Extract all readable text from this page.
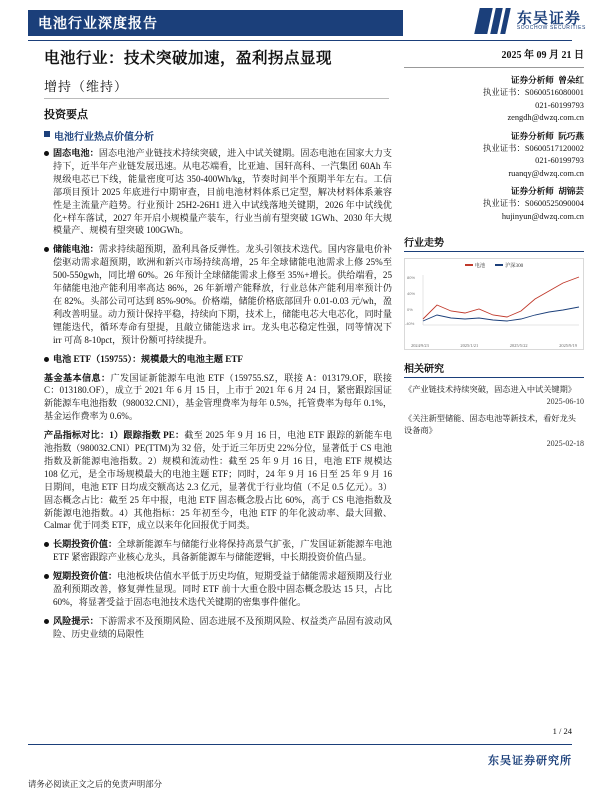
电池行业深度报告	东吴证券
SOOCHOW SECURITIES
电池行业：技术突破加速，盈利拐点显现
增持（维持）
投资要点
电池行业热点价值分析
固态电池：固态电池产业链技术持续突破，进入中试关键期。固态电池在国家大力支持下，近半年产业链发展迅速。从电芯端看，比亚迪、国轩高科、一汽集团 60Ah 车规级电芯已下线，能量密度可达 350-400Wh/kg，节奏时间半个预期半年左右。工信部项目预计 2025 年底进行中期审查，目前电池材料体系已定型，解决材料体系兼容性是主流量产趋势。行业预计 25H2-26H1 进入中试线落地关键期，2026 年中试线优化+样车落试，2027 年开启小规模量产装车，行业当前有望突破 1GWh、2030 年大规模量产、规模有望突破 100GWh。
储能电池：需求持续超预期，盈利具备反弹性。龙头引领技术迭代。国内容量电价补偿驱动需求超预期，欧洲和新兴市场持续高增，25 年全球储能电池需求上修 25%至 500-550gwh，同比增 60%。26 年预计全球储能需求上修至 35%+增长。供给端看，25 年储能电池产能利用率高达 86%，26 年新增产能释放，行业总体产能利用率预计仍在 82%。头部公司可达到 85%-90%。价格端，储能价格底部回升 0.01-0.03 元/wh，盈利改善明显。动力预计保持平稳，持续向下期，技术上，储能电芯大电芯化，同时量锂能迭代，循环寿命有望提，且敲立储能迭求 irr。龙头电芯稳定性强，同等情况下 irr 可高 8-10pct，预计份额可持续提升。
电池 ETF（159755）：规模最大的电池主题 ETF

基金基本信息：广发国证新能源车电池 ETF（159755.SZ，联接 A：013179.OF，联接 C：013180.OF），成立于 2021 年 6 月 15 日，上市于 2021 年 6 月 24 日，紧密跟踪国证新能源车电池指数（980032.CNI），基金管理费率为每年 0.5%，托管费率为每年 0.1%，基金运作费率为 0.6%。

产品指标对比：1）跟踪指数 PE：截至 2025 年 9 月 16 日，电池 ETF 跟踪的新能车电池指数（980032.CNI）PE(TTM)为 32 倍，处于近三年历史 22%分位，显著低于 CS 电池指数及新能源电池指数。2）规模和流动性：截至 25 年 9 月 16 日，电池 ETF 规模达 108 亿元，是全市场规模最大的电池主题 ETF；同时，24 年 9 月 16 日至 25 年 9 月 16 日期间，电池 ETF 日均成交额高达 2.3 亿元，显著优于行业均值（不足 0.5 亿元）。3）固态概念占比：截至 25 年中报，电池 ETF 固态概念股占比 60%，高于 CS 电池指数及新能源电池指数。4）其他指标：25 年初至今，电池 ETF 的年化波动率、最大回撤、Calmar 优于同类 ETF，成立以来年化回报优于同类。

长期投资价值：全球新能源车与储能行业将保持高景气扩张，广发国证新能源车电池 ETF 紧密跟踪产业核心龙头，具备新能源车与储能逻辑，中长期投资价值凸显。
短期投资价值：电池板块估值水平低于历史均值，短期受益于储能需求超预期及行业盈利预期改善，修复弹性显现。同时 ETF 前十大重仓股中固态概念股达 15 只，占比 60%，将显著受益于固态电池技术迭代关键期的密集事件催化。
风险提示：下游需求不及预期风险、固态进展不及预期风险、权益类产品固有波动风险、历史业绩的局限性
2025 年 09 月 21 日
证券分析师 曾朵红
执业证书：S0600516080001
021-60199793
zengdh@dwzq.com.cn
证券分析师 阮巧燕
执业证书：S0600517120002
021-60199793
ruanqy@dwzq.com.cn
证券分析师 胡锦芸
执业证书：S0600525090004
hujinyun@dwzq.com.cn
行业走势
电池	沪深300
80%
40%
0%
-40%
2024/9/23	2025/1/21	2025/5/22	2025/9/19
相关研究
《产业链技术持续突破，固态进入中试关键期》
2025-06-10
《关注新型储能、固态电池等新技术，看好龙头设备商》
2025-02-18
1 / 24
东吴证券研究所
请务必阅读正文之后的免责声明部分
